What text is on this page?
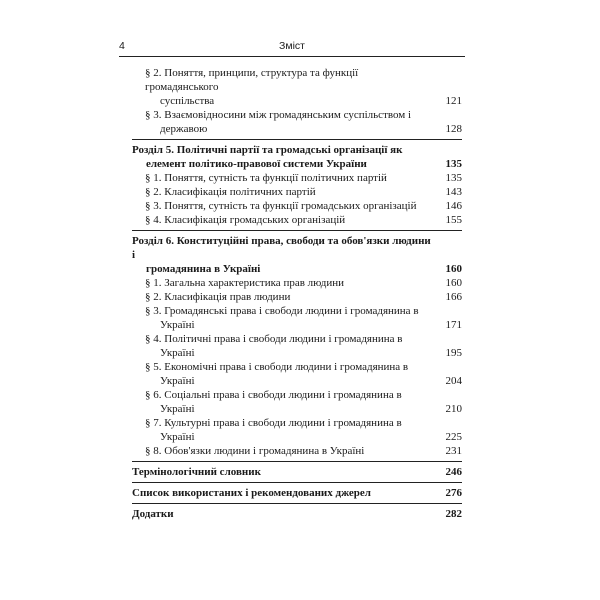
4	Зміст
§ 2. Поняття, принципи, структура та функції громадянського
суспільства	121
§ 3. Взаємовідносини між громадянським суспільством і
державою	128
Розділ 5. Політичні партії та громадські організації як
елемент політико-правової системи України	135
§ 1. Поняття, сутність та функції політичних партій	135
§ 2. Класифікація політичних партій	143
§ 3. Поняття, сутність та функції громадських організацій	146
§ 4. Класифікація громадських організацій	155
Розділ 6. Конституційні права, свободи та обов'язки людини і
громадянина в Україні	160
§ 1. Загальна характеристика прав людини	160
§ 2. Класифікація прав людини	166
§ 3. Громадянські права і свободи людини і громадянина в
Україні	171
§ 4. Політичні права і свободи людини і громадянина в
Україні	195
§ 5. Економічні права і свободи людини і громадянина в
Україні	204
§ 6. Соціальні права і свободи людини і громадянина в
Україні	210
§ 7. Культурні права і свободи людини і громадянина в
Україні	225
§ 8. Обов'язки людини і громадянина в Україні	231
Термінологічний словник	246
Список використаних і рекомендованих джерел	276
Додатки	282
